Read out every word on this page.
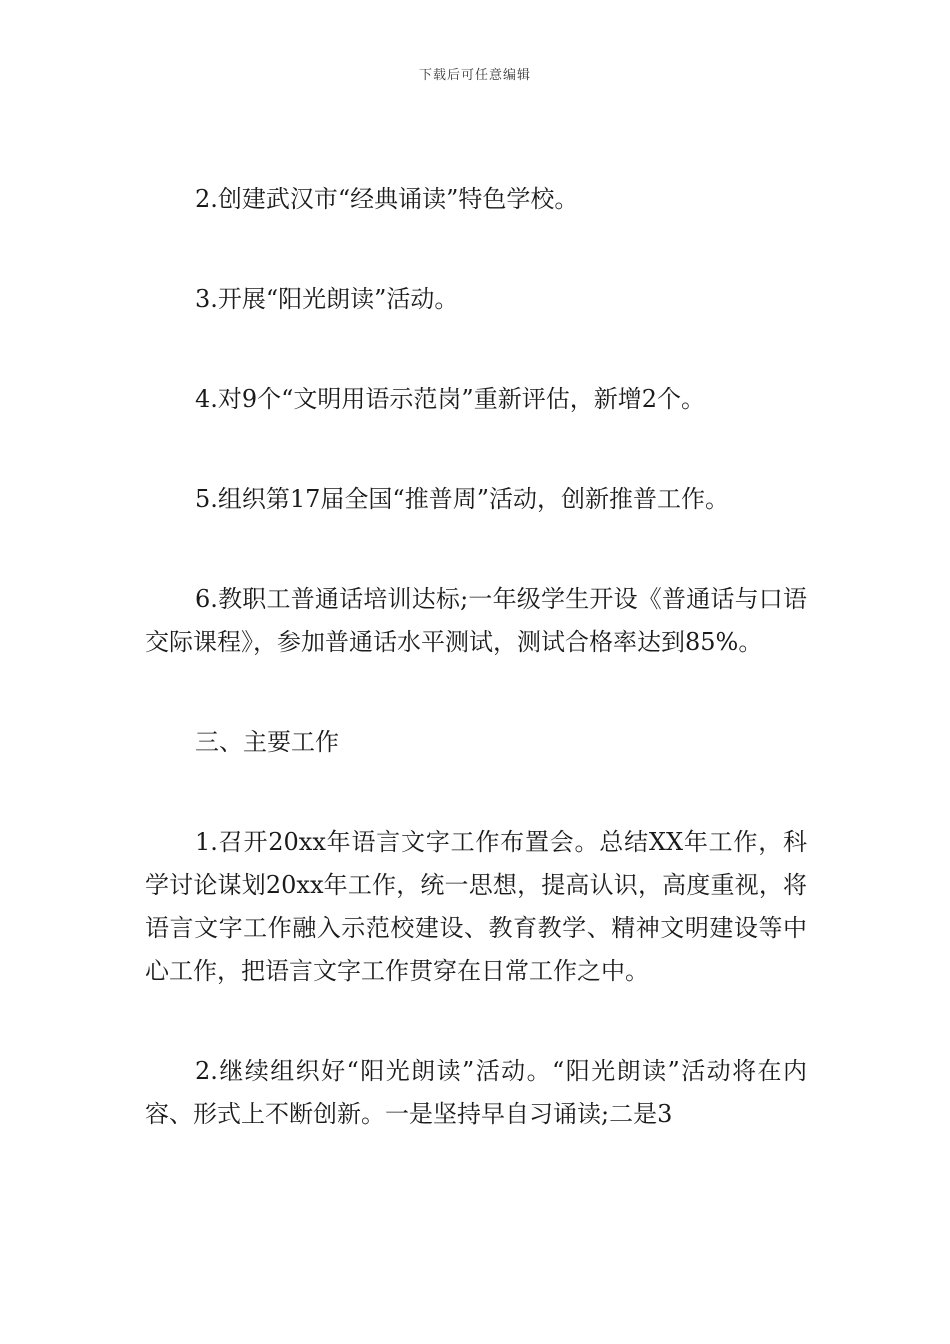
下载后可任意编辑

2.创建武汉市“经典诵读”特色学校。

3.开展“阳光朗读”活动。

4.对9个“文明用语示范岗”重新评估，新增2个。

5.组织第17届全国“推普周”活动，创新推普工作。

6.教职工普通话培训达标;一年级学生开设《普通话与口语交际课程》，参加普通话水平测试，测试合格率达到85%。

三、主要工作

1.召开20xx年语言文字工作布置会。总结XX年工作，科学讨论谋划20xx年工作，统一思想，提高认识，高度重视，将语言文字工作融入示范校建设、教育教学、精神文明建设等中心工作，把语言文字工作贯穿在日常工作之中。

2.继续组织好“阳光朗读”活动。“阳光朗读”活动将在内容、形式上不断创新。一是坚持早自习诵读;二是3
